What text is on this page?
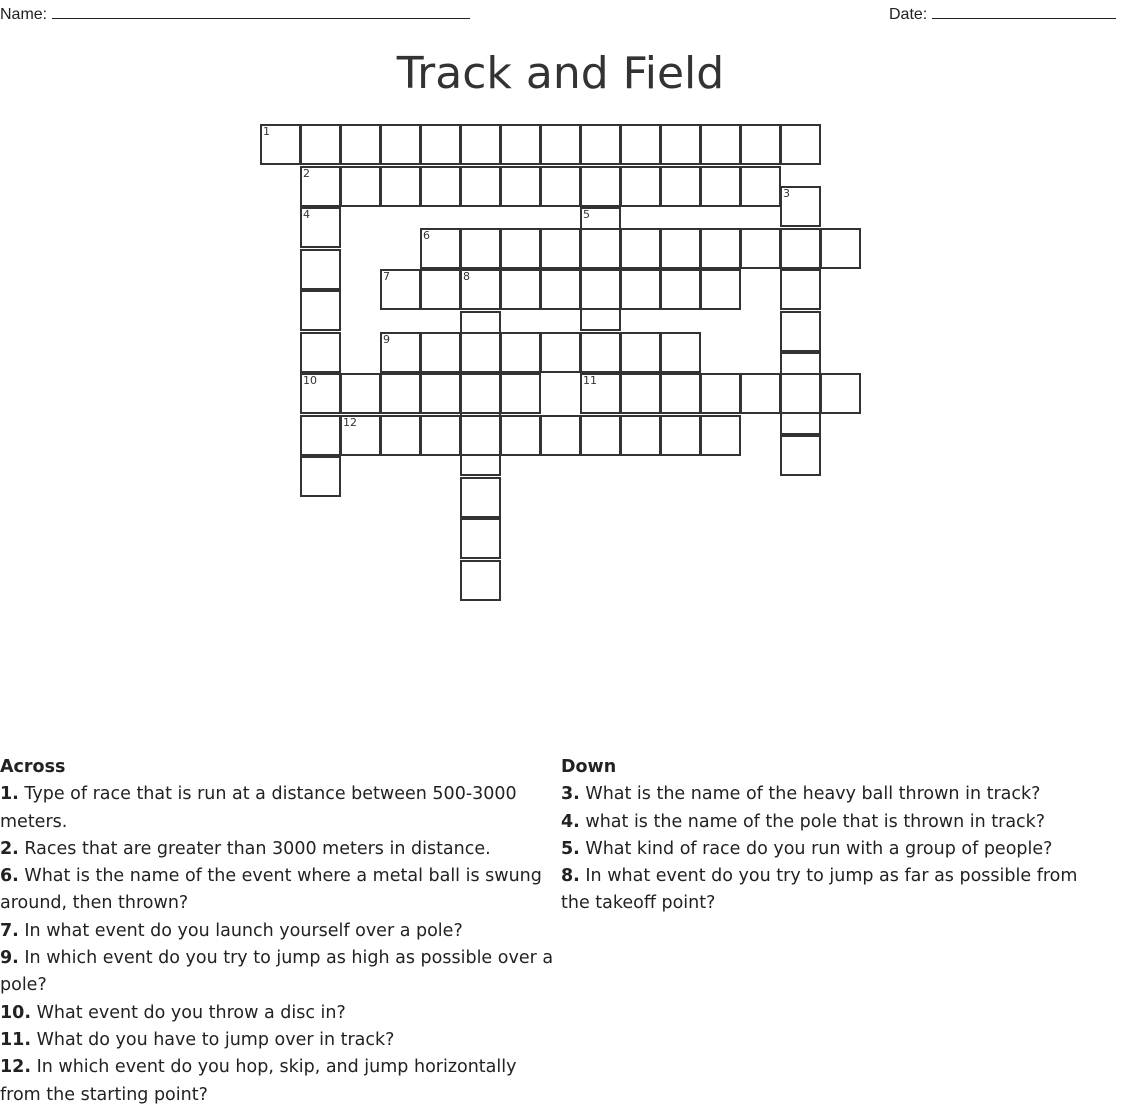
Name:	Date:
Track and Field
1
2
3
4
10
5
11
6
7	8
9
12
Across

1. Type of race that is run at a distance between 500-3000 meters.

2. Races that are greater than 3000 meters in distance.

6. What is the name of the event where a metal ball is swung around, then thrown?

7. In what event do you launch yourself over a pole?

9. In which event do you try to jump as high as possible over a pole?

10. What event do you throw a disc in?

11. What do you have to jump over in track?

12. In which event do you hop, skip, and jump horizontally from the starting point?

Down

3. What is the name of the heavy ball thrown in track?

4. what is the name of the pole that is thrown in track?

5. What kind of race do you run with a group of people?

8. In what event do you try to jump as far as possible from the takeoff point?
